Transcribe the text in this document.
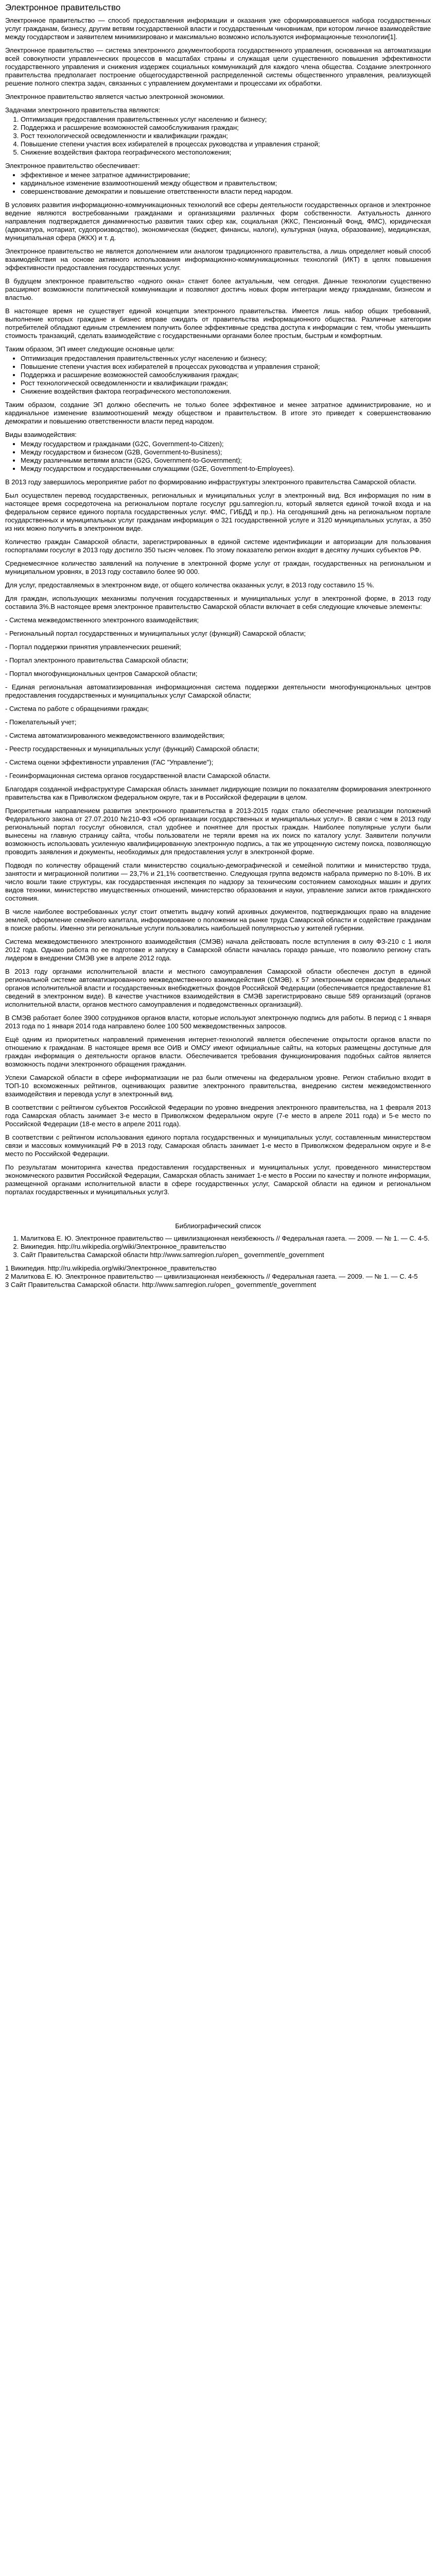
Электронное правительство

Электронное правительство — способ предоставления информации и оказания уже сформировавшегося набора государственных услуг гражданам, бизнесу, другим ветвям государственной власти и государственным чиновникам, при котором личное взаимодействие между государством и заявителем минимизировано и максимально возможно используются информационные технологии[1].

Электронное правительство — система электронного документооборота государственного управления, основанная на автоматизации всей совокупности управленческих процессов в масштабах страны и служащая цели существенного повышения эффективности государственного управления и снижения издержек социальных коммуникаций для каждого члена общества. Создание электронного правительства предполагает построение общегосударственной распределенной системы общественного управления, реализующей решение полного спектра задач, связанных с управлением документами и процессами их обработки.

Электронное правительство является частью электронной экономики.

Задачами электронного правительства являются:

1. Оптимизация предоставления правительственных услуг населению и бизнесу;
2. Поддержка и расширение возможностей самообслуживания граждан;
3. Рост технологической осведомленности и квалификации граждан;
4. Повышение степени участия всех избирателей в процессах руководства и управления страной;
5. Снижение воздействия фактора географического местоположения;

Электронное правительство обеспечивает:

• эффективное и менее затратное администрирование;
• кардинальное изменение взаимоотношений между обществом и правительством;
• совершенствование демократии и повышение ответственности власти перед народом.

В условиях развития информационно-коммуникационных технологий все сферы деятельности государственных органов и электронное ведение являются востребованными гражданами и организациями различных форм собственности. Актуальность данного направления подтверждается динамичностью развития таких сфер как, социальная (ЖКС, Пенсионный Фонд, ФМС), юридическая (адвокатура, нотариат, судопроизводство), экономическая (бюджет, финансы, налоги), культурная (наука, образование), медицинская, муниципальная сфера (ЖКХ) и т. д.

Электронное правительство не является дополнением или аналогом традиционного правительства, а лишь определяет новый способ взаимодействия на основе активного использования информационно-коммуникационных технологий (ИКТ) в целях повышения эффективности предоставления государственных услуг.

В будущем электронное правительство «одного окна» станет более актуальным, чем сегодня. Данные технологии существенно расширяют возможности политической коммуникации и позволяют достичь новых форм интеграции между гражданами, бизнесом и властью.

В настоящее время не существует единой концепции электронного правительства. Имеется лишь набор общих требований, выполнение которых граждане и бизнес вправе ожидать от правительства информационного общества. Различные категории потребителей обладают единым стремлением получить более эффективные средства доступа к информации с тем, чтобы уменьшить стоимость транзакций, сделать взаимодействие с государственными органами более простым, быстрым и комфортным.

Таким образом, ЭП имеет следующие основные цели:

• Оптимизация предоставления правительственных услуг населению и бизнесу;
• Повышение степени участия всех избирателей в процессах руководства и управления страной;
• Поддержка и расширение возможностей самообслуживания граждан;
• Рост технологической осведомленности и квалификации граждан;
• Снижение воздействия фактора географического местоположения.

Таким образом, создание ЭП должно обеспечить не только более эффективное и менее затратное администрирование, но и кардинальное изменение взаимоотношений между обществом и правительством. В итоге это приведет к совершенствованию демократии и повышению ответственности власти перед народом.

Виды взаимодействия:

• Между государством и гражданами (G2C, Government-to-Citizen);
• Между государством и бизнесом (G2B, Government-to-Business);
• Между различными ветвями власти (G2G, Government-to-Government);
• Между государством и государственными служащими (G2E, Government-to-Employees).

В 2013 году завершилось мероприятие работ по формированию инфраструктуры электронного правительства Самарской области.

Был осуществлен перевод государственных, региональных и муниципальных услуг в электронный вид. Вся информация по ним в настоящее время сосредоточена на региональном портале госуслуг pgu.samregion.ru, который является единой точкой входа и на федеральном сервисе единого портала государственных услуг. ФМС, ГИБДД и пр.). На сегодняшний день на региональном портале государственных и муниципальных услуг гражданам информация о 321 государственной услуге и 3120 муниципальных услугах, а 350 из них можно получить в электронном виде.

Количество граждан Самарской области, зарегистрированных в единой системе идентификации и авторизации для пользования госпорталами госуслуг в 2013 году достигло 350 тысяч человек. По этому показателю регион входит в десятку лучших субъектов РФ.

Среднемесячное количество заявлений на получение в электронной форме услуг от граждан, государственных на региональном и муниципальном уровнях, в 2013 году составило более 90 000.

Для услуг, предоставляемых в электронном виде, от общего количества оказанных услуг, в 2013 году составило 15 %.

Для граждан, использующих механизмы получения государственных и муниципальных услуг в электронной форме, в 2013 году составила 3%.В настоящее время электронное правительство Самарской области включает в себя следующие ключевые элементы:

- Система межведомственного электронного взаимодействия;

- Региональный портал государственных и муниципальных услуг (функций) Самарской области;

- Портал поддержки принятия управленческих решений;

- Портал электронного правительства Самарской области;

- Портал многофункциональных центров Самарской области;

- Единая региональная автоматизированная информационная система поддержки деятельности многофункциональных центров предоставления государственных и муниципальных услуг Самарской области;

- Система по работе с обращениями граждан;

- Пожелательный учет;

- Система автоматизированного межведомственного взаимодействия;

- Реестр государственных и муниципальных услуг (функций) Самарской области;

- Система оценки эффективности управления (ГАС "Управление");

- Геоинформационная система органов государственной власти Самарской области.

Благодаря созданной инфраструктуре Самарская область занимает лидирующие позиции по показателям формирования электронного правительства как в Приволжском федеральном округе, так и в Российской федерации в целом.

Приоритетным направлением развития электронного правительства в 2013-2015 годах стало обеспечение реализации положений Федерального закона от 27.07.2010 №210-ФЗ «Об организации государственных и муниципальных услуг». В связи с чем в 2013 году региональный портал госуслуг обновился, стал удобнее и понятнее для простых граждан. Наиболее популярные услуги были вынесены на главную страницу сайта, чтобы пользователи не теряли время на их поиск по каталогу услуг. Заявители получили возможность использовать усиленную квалифицированную электронную подпись, а так же упрощенную систему поиска, позволяющую проводить заявления и документы, необходимых для предоставления услуг в электронной форме.

Подводя по количеству обращений стали министерство социально-демографической и семейной политики и министерство труда, занятости и миграционной политики — 23,7% и 21,1% соответственно. Следующая группа ведомств набрала примерно по 8-10%. В их число вошли такие структуры, как государственная инспекция по надзору за техническим состоянием самоходных машин и других видов техники, министерство имущественных отношений, министерство образования и науки, управление записи актов гражданского состояния.

В числе наиболее востребованных услуг стоит отметить выдачу копий архивных документов, подтверждающих право на владение землей, оформление семейного капитала, информирование о положении на рынке труда Самарской области и содействие гражданам в поиске работы. Именно эти региональные услуги пользовались наибольшей популярностью у жителей губернии.

Система межведомственного электронного взаимодействия (СМЭВ) начала действовать после вступления в силу ФЗ-210 с 1 июля 2012 года. Однако работа по ее подготовке и запуску в Самарской области началась гораздо раньше, что позволило региону стать лидером в внедрении СМЭВ уже в апреле 2012 года.

В 2013 году органами исполнительной власти и местного самоуправления Самарской области обеспечен доступ в единой региональной системе автоматизированного межведомственного взаимодействия (СМЭВ). к 57 электронным сервисам федеральных органов исполнительной власти и государственных внебюджетных фондов Российской Федерации (обеспечивается предоставление 81 сведений в электронном виде). В качестве участников взаимодействия в СМЭВ зарегистрировано свыше 589 организаций (органов исполнительной власти, органов местного самоуправления и подведомственных организаций).

В СМЭВ работает более 3900 сотрудников органов власти, которые используют электронную подпись для работы. В период с 1 января 2013 года по 1 января 2014 года направлено более 100 500 межведомственных запросов.

Ещё одним из приоритетных направлений применения интернет-технологий является обеспечение открытости органов власти по отношению к гражданам. В настоящее время все ОИВ и ОМСУ имеют официальные сайты, на которых размещены доступные для граждан информация о деятельности органов власти. Обеспечивается требования функционирования подобных сайтов является возможность подачи электронного обращения гражданин.

Успехи Самарской области в сфере информатизации не раз были отмечены на федеральном уровне. Регион стабильно входит в ТОП-10 вскоможенных рейтингов, оценивающих развитие электронного правительства, внедрению систем межведомственного взаимодействия и перевода услуг в электронный вид.

В соответствии с рейтингом субъектов Российской Федерации по уровню внедрения электронного правительства, на 1 февраля 2013 года Самарская область занимает 3-е место в Приволжском федеральном округе (7-е место в апреле 2011 года) и 5-е место по Российской Федерации (18-е место в апреле 2011 года).

В соответствии с рейтингом использования единого портала государственных и муниципальных услуг, составленным министерством связи и массовых коммуникаций РФ в 2013 году, Самарская область занимает 1-е место в Приволжском федеральном округе и 8-е место по Российской Федерации.

По результатам мониторинга качества предоставления государственных и муниципальных услуг, проведенного министерством экономического развития Российской Федерации, Самарская область занимает 1-е место в России по качеству и полноте информации, размещенной органами исполнительной власти в сфере государственных услуг, Самарской области на едином и региональном порталах государственных и муниципальных услуг3.

Библиографический список

1. Малиткова Е. Ю. Электронное правительство — цивилизационная неизбежность // Федеральная газета. — 2009. — № 1. — С. 4-5.
2. Википедия. http://ru.wikipedia.org/wiki/Электронное_правительство
3. Сайт Правительства Самарской области http://www.samregion.ru/open_ government/e_government

1 Википедия. http://ru.wikipedia.org/wiki/Электронное_правительство

2 Малиткова Е. Ю. Электронное правительство — цивилизационная неизбежность // Федеральная газета. — 2009. — № 1. — С. 4-5

3 Сайт Правительства Самарской области. http://www.samregion.ru/open_ government/e_government
